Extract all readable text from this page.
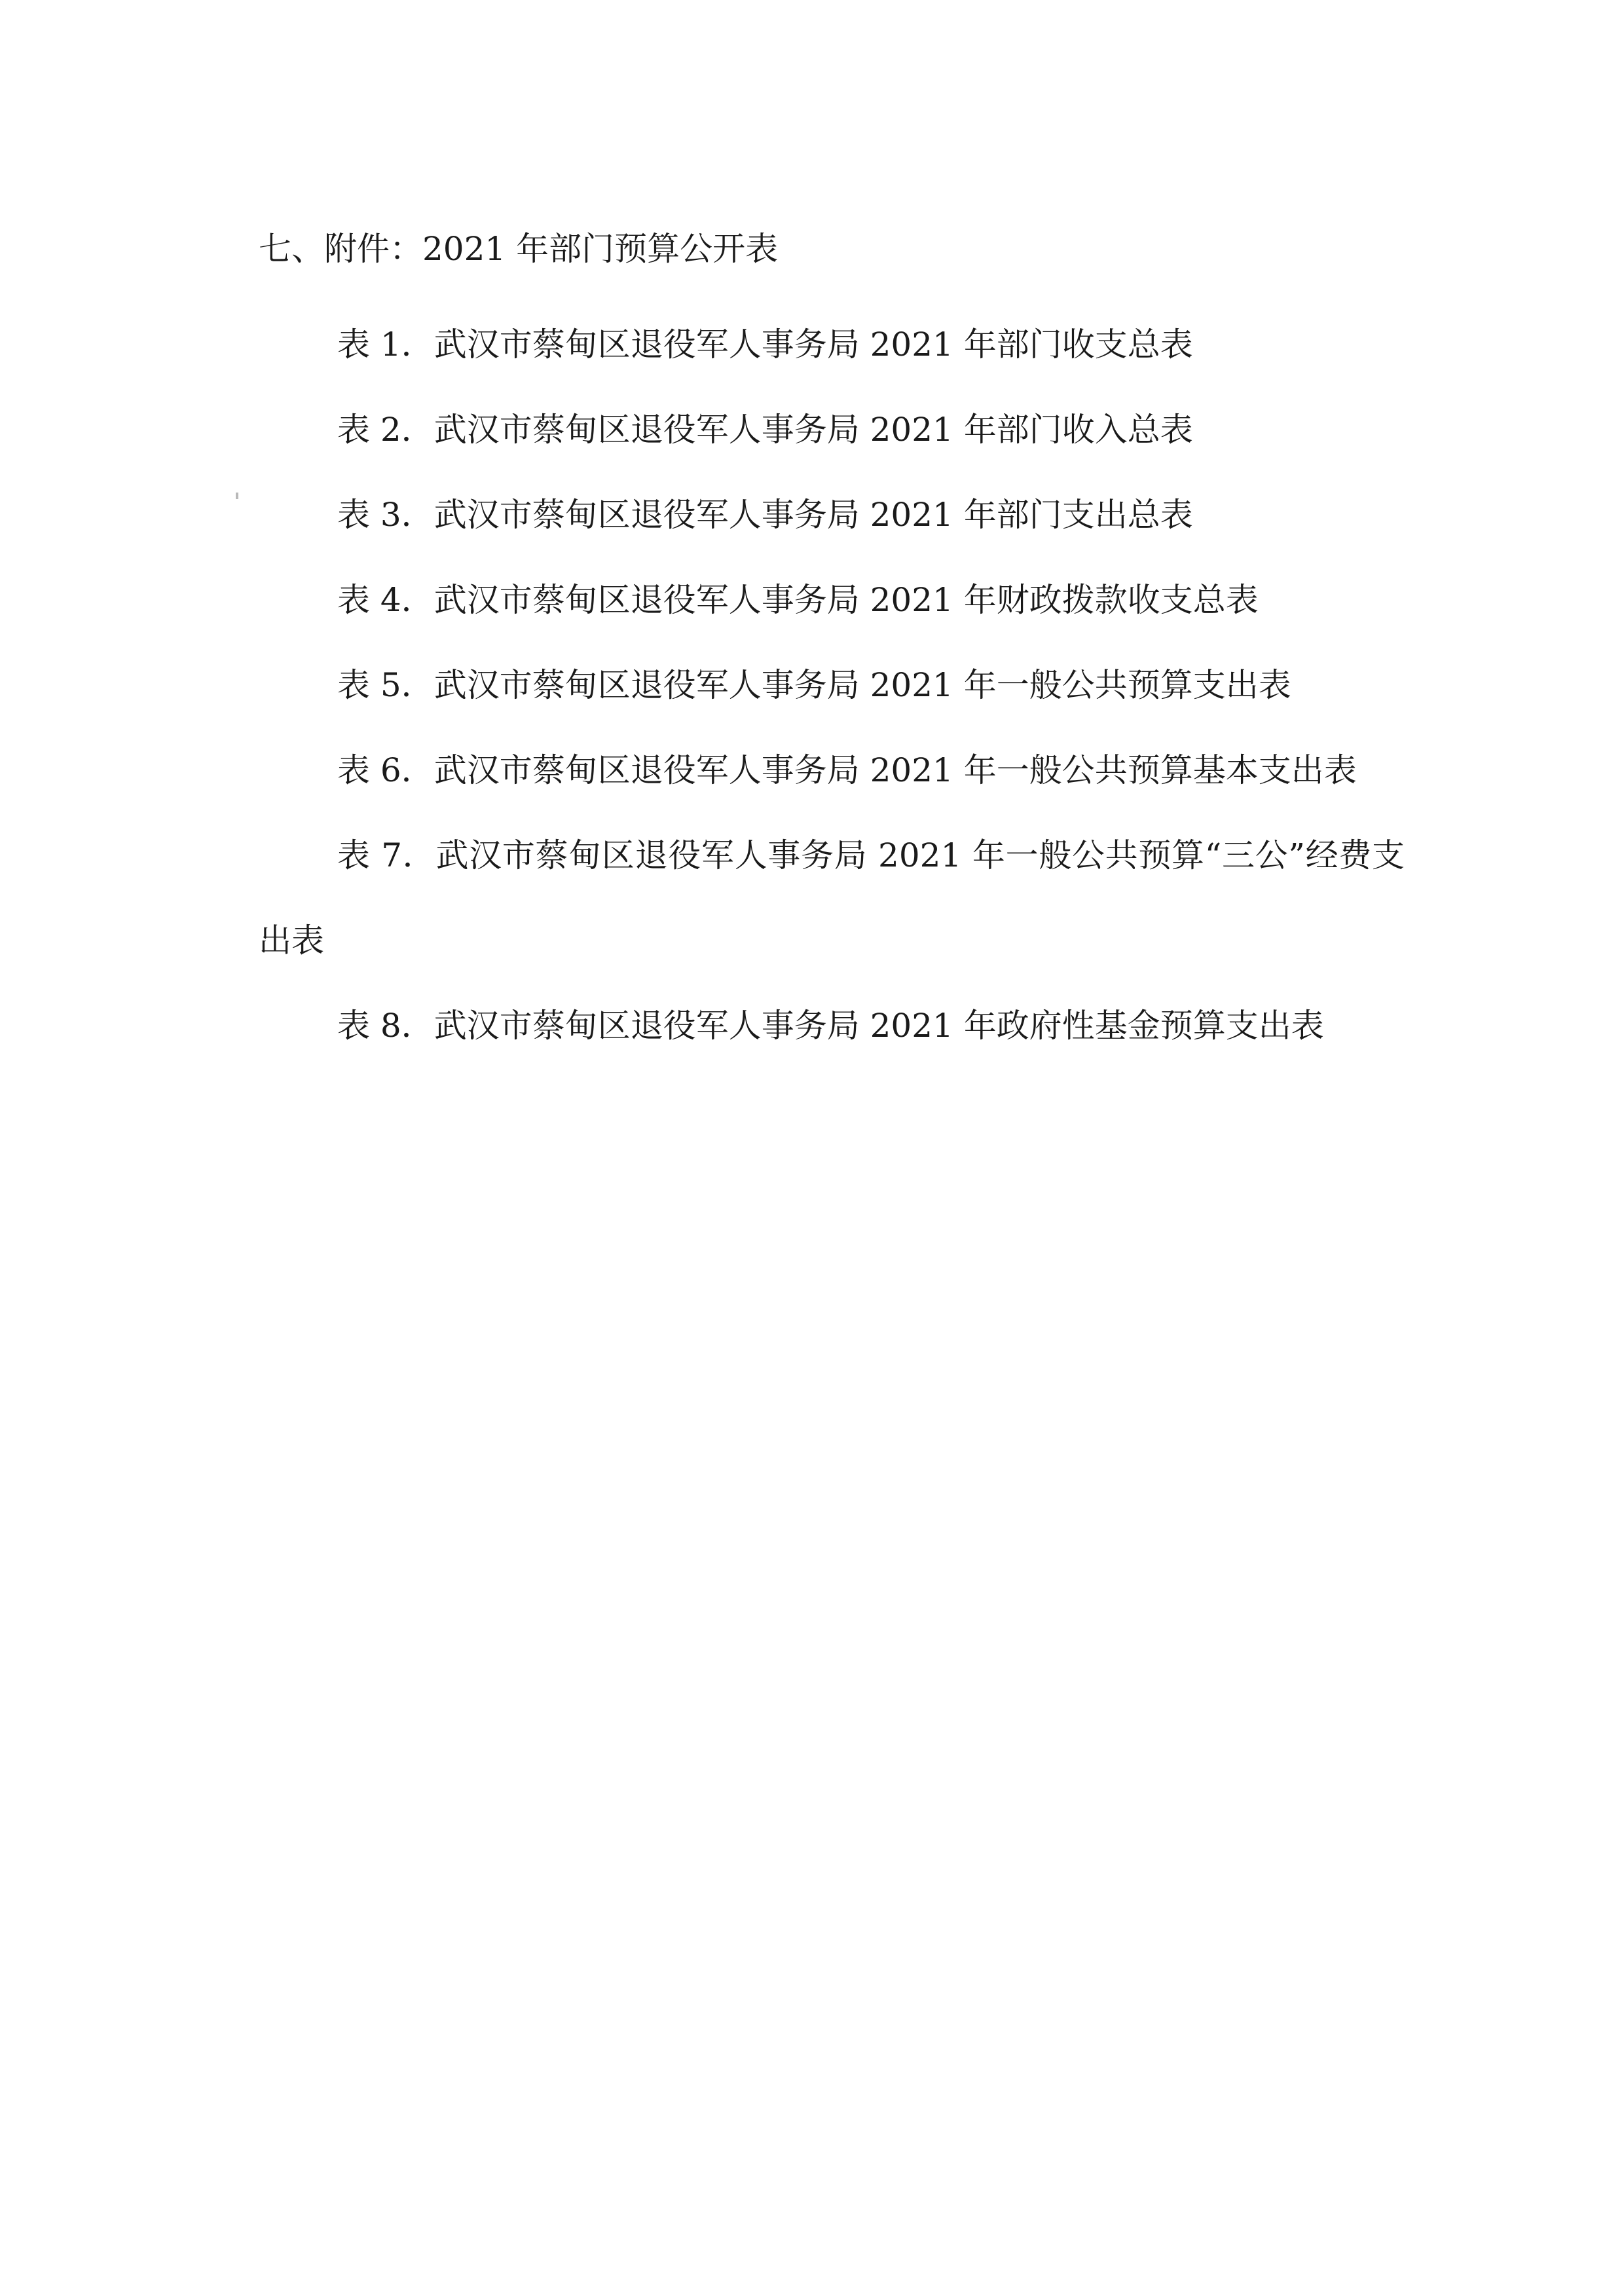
七、附件：2021 年部门预算公开表

表 1．武汉市蔡甸区退役军人事务局 2021 年部门收支总表

表 2．武汉市蔡甸区退役军人事务局 2021 年部门收入总表

表 3．武汉市蔡甸区退役军人事务局 2021 年部门支出总表

表 4．武汉市蔡甸区退役军人事务局 2021 年财政拨款收支总表

表 5．武汉市蔡甸区退役军人事务局 2021 年一般公共预算支出表

表 6．武汉市蔡甸区退役军人事务局 2021 年一般公共预算基本支出表

表 7．武汉市蔡甸区退役军人事务局 2021 年一般公共预算“三公”经费支出表

表 8．武汉市蔡甸区退役军人事务局 2021 年政府性基金预算支出表
